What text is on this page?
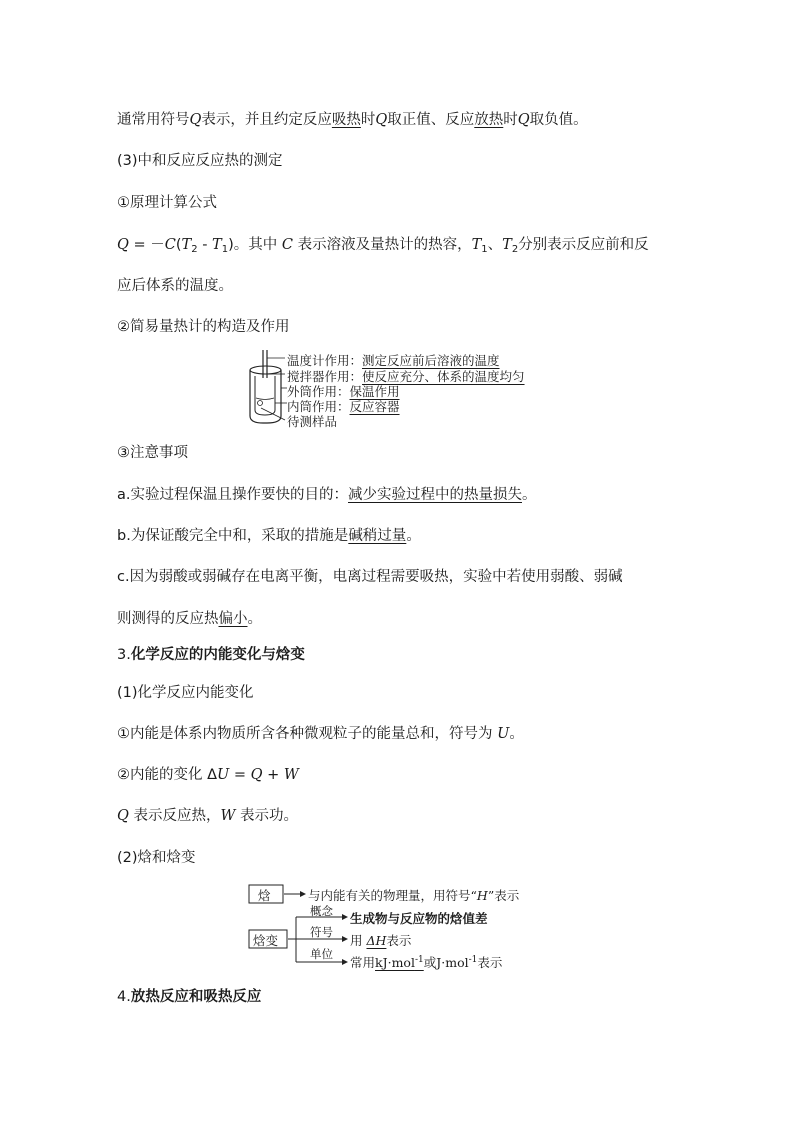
通常用符号Q表示，并且约定反应吸热时Q取正值、反应放热时Q取负值。
(3)中和反应反应热的测定
①原理计算公式
$Q = -C(T_2 - T_1)$。其中 C 表示溶液及量热计的热容，$T_1$、$T_2$分别表示反应前和反
应后体系的温度。
②简易量热计的构造及作用
温度计作用：测定反应前后溶液的温度
搅拌器作用：使反应充分、体系的温度均匀
外筒作用：保温作用
内筒作用：反应容器
待测样品
③注意事项
a.实验过程保温且操作要快的目的：减少实验过程中的热量损失。
b.为保证酸完全中和，采取的措施是碱稍过量。
c.因为弱酸或弱碱存在电离平衡，电离过程需要吸热，实验中若使用弱酸、弱碱
则测得的反应热偏小。
3.化学反应的内能变化与焓变
(1)化学反应内能变化
①内能是体系内物质所含各种微观粒子的能量总和，符号为 U。
②内能的变化 ΔU = Q + W
Q 表示反应热，W 表示功。
(2)焓和焓变
焓	与内能有关的物理量，用符号“H”表示
焓变
概念 生成物与反应物的焓值差
符号
用 ΔH表示
单位
常用kJ·mol$^{-1}$或J·mol$^{-1}$表示
4.放热反应和吸热反应
